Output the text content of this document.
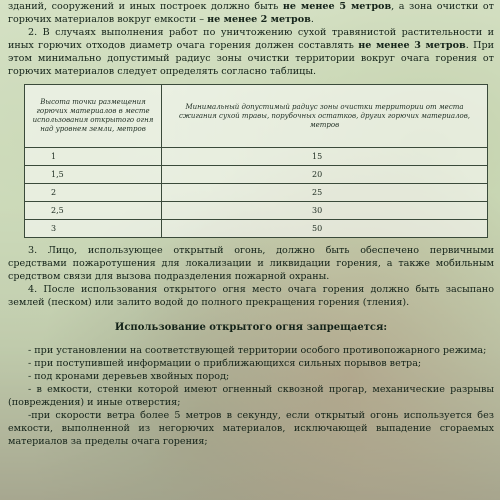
зданий, сооружений и иных построек должно быть не менее 5 метров, а зона очистки от горючих материалов вокруг емкости – не менее 2 метров.

2. В случаях выполнения работ по уничтожению сухой травянистой растительности и иных горючих отходов диаметр очага горения должен составлять не менее 3 метров. При этом минимально допустимый радиус зоны очистки территории вокруг очага горения от горючих материалов следует определять согласно таблицы.

Высота точки размещения горючих материалов в месте использования открытого огня над уровнем земли, метров	Минимальный допустимый радиус зоны очистки территории от места сжигания сухой травы, порубочных остатков, других горючих материалов, метров
1	15
1,5	20
2	25
2,5	30
3	50

3. Лицо, использующее открытый огонь, должно быть обеспечено первичными средствами пожаротушения для локализации и ликвидации горения, а также мобильным средством связи для вызова подразделения пожарной охраны.

4. После использования открытого огня место очага горения должно быть засыпано землей (песком) или залито водой до полного прекращения горения (тления).

Использование открытого огня запрещается:

- при установлении на соответствующей территории особого противопожарного режима;

- при поступившей информации о приближающихся сильных порывов ветра;

- под кронами деревьев хвойных пород;

- в емкости, стенки которой имеют огненный сквозной прогар, механические разрывы (повреждения) и иные отверстия;

-при скорости ветра более 5 метров в секунду, если открытый огонь используется без емкости, выполненной из негорючих материалов, исключающей выпадение сгораемых материалов за пределы очага горения;
